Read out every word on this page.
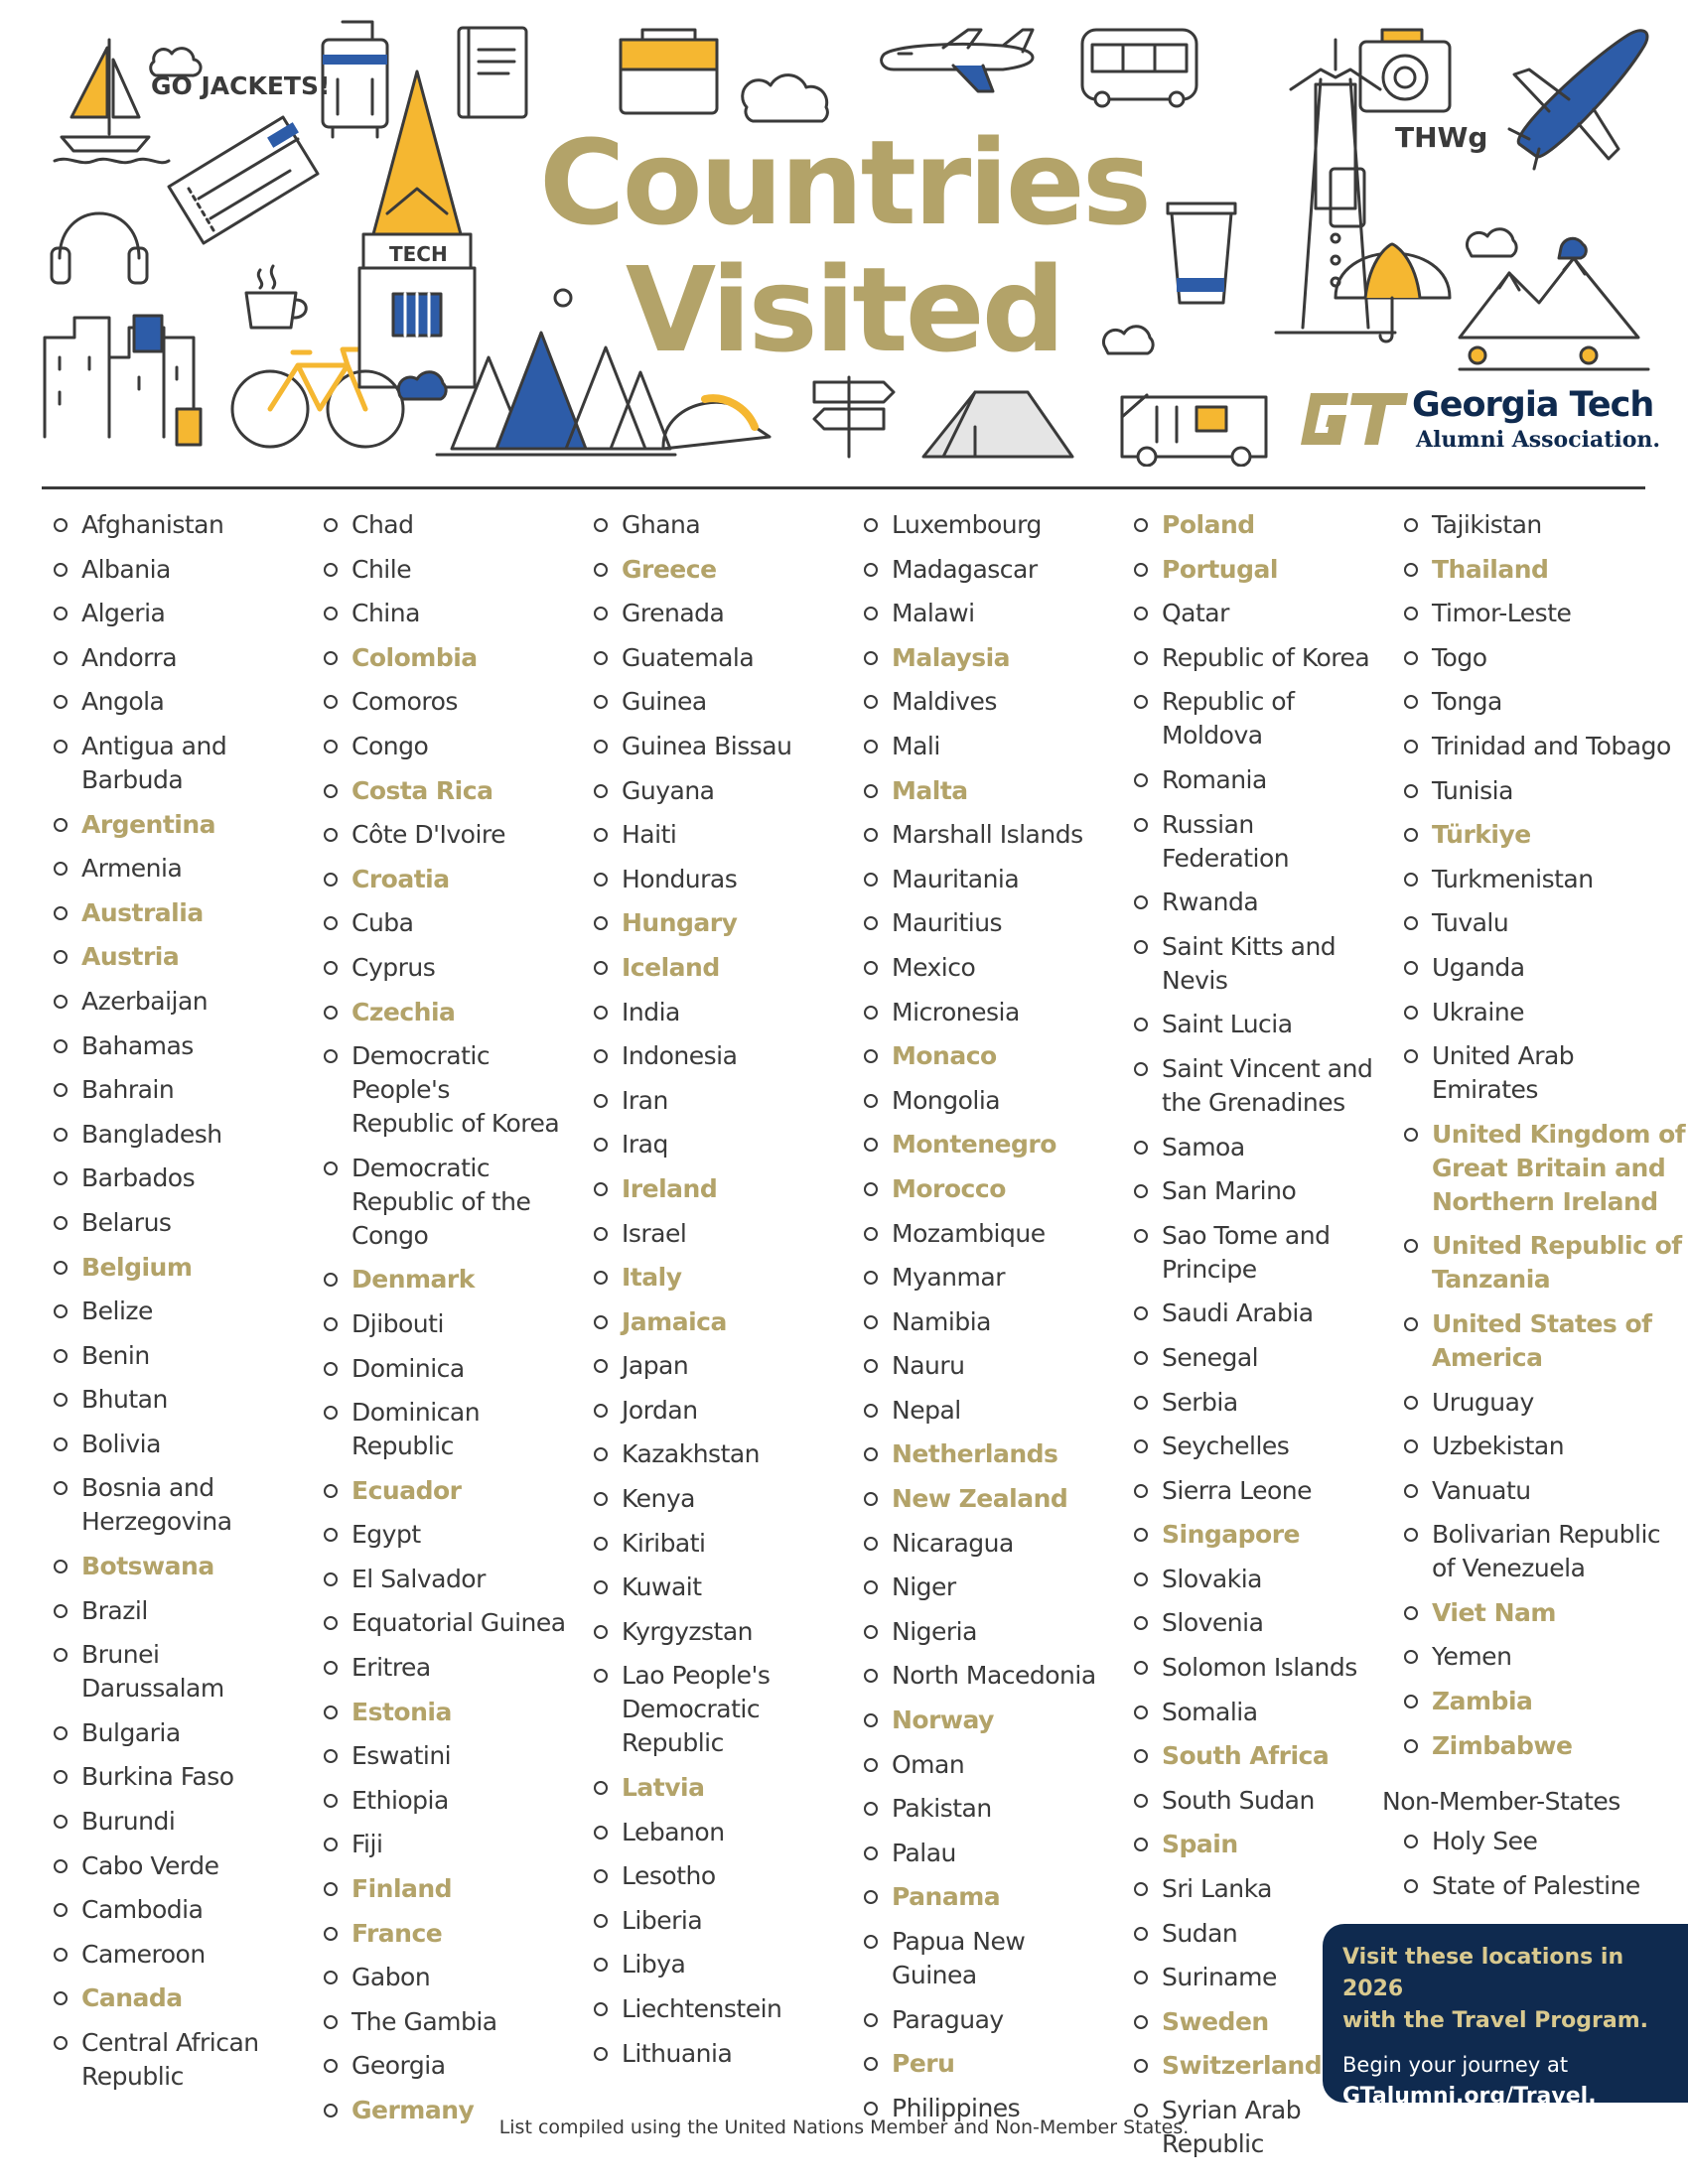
GO JACKETS!
THWg
TECH
Countries
Visited
Georgia Tech
Alumni Association.
Afghanistan
Albania
Algeria
Andorra
Angola
Antigua and
Barbuda
Argentina
Armenia
Australia
Austria
Azerbaijan
Bahamas
Bahrain
Bangladesh
Barbados
Belarus
Belgium
Belize
Benin
Bhutan
Bolivia
Bosnia and
Herzegovina
Botswana
Brazil
Brunei Darussalam
Bulgaria
Burkina Faso
Burundi
Cabo Verde
Cambodia
Cameroon
Canada
Central African
Republic
Chad
Chile
China
Colombia
Comoros
Congo
Costa Rica
Côte D'Ivoire
Croatia
Cuba
Cyprus
Czechia
Democratic People's
Republic of Korea
Democratic
Republic of the
Congo
Denmark
Djibouti
Dominica
Dominican Republic
Ecuador
Egypt
El Salvador
Equatorial Guinea
Eritrea
Estonia
Eswatini
Ethiopia
Fiji
Finland
France
Gabon
The Gambia
Georgia
Germany
Ghana
Greece
Grenada
Guatemala
Guinea
Guinea Bissau
Guyana
Haiti
Honduras
Hungary
Iceland
India
Indonesia
Iran
Iraq
Ireland
Israel
Italy
Jamaica
Japan
Jordan
Kazakhstan
Kenya
Kiribati
Kuwait
Kyrgyzstan
Lao People's
Democratic
Republic
Latvia
Lebanon
Lesotho
Liberia
Libya
Liechtenstein
Lithuania
Luxembourg
Madagascar
Malawi
Malaysia
Maldives
Mali
Malta
Marshall Islands
Mauritania
Mauritius
Mexico
Micronesia
Monaco
Mongolia
Montenegro
Morocco
Mozambique
Myanmar
Namibia
Nauru
Nepal
Netherlands
New Zealand
Nicaragua
Niger
Nigeria
North Macedonia
Norway
Oman
Pakistan
Palau
Panama
Papua New Guinea
Paraguay
Peru
Philippines
Poland
Portugal
Qatar
Republic of Korea
Republic of Moldova
Romania
Russian Federation
Rwanda
Saint Kitts and
Nevis
Saint Lucia
Saint Vincent and
the Grenadines
Samoa
San Marino
Sao Tome and
Principe
Saudi Arabia
Senegal
Serbia
Seychelles
Sierra Leone
Singapore
Slovakia
Slovenia
Solomon Islands
Somalia
South Africa
South Sudan
Spain
Sri Lanka
Sudan
Suriname
Sweden
Switzerland
Syrian Arab
Republic
Tajikistan
Thailand
Timor-Leste
Togo
Tonga
Trinidad and Tobago
Tunisia
Türkiye
Turkmenistan
Tuvalu
Uganda
Ukraine
United Arab
Emirates
United Kingdom of
Great Britain and
Northern Ireland
United Republic of
Tanzania
United States of
America
Uruguay
Uzbekistan
Vanuatu
Bolivarian Republic
of Venezuela
Viet Nam
Yemen
Zambia
Zimbabwe
Non-Member-States
Holy See
State of Palestine
Visit these locations in 2026
with the Travel Program.
Begin your journey at
GTalumni.org/Travel.
List compiled using the United Nations Member and Non-Member States.
